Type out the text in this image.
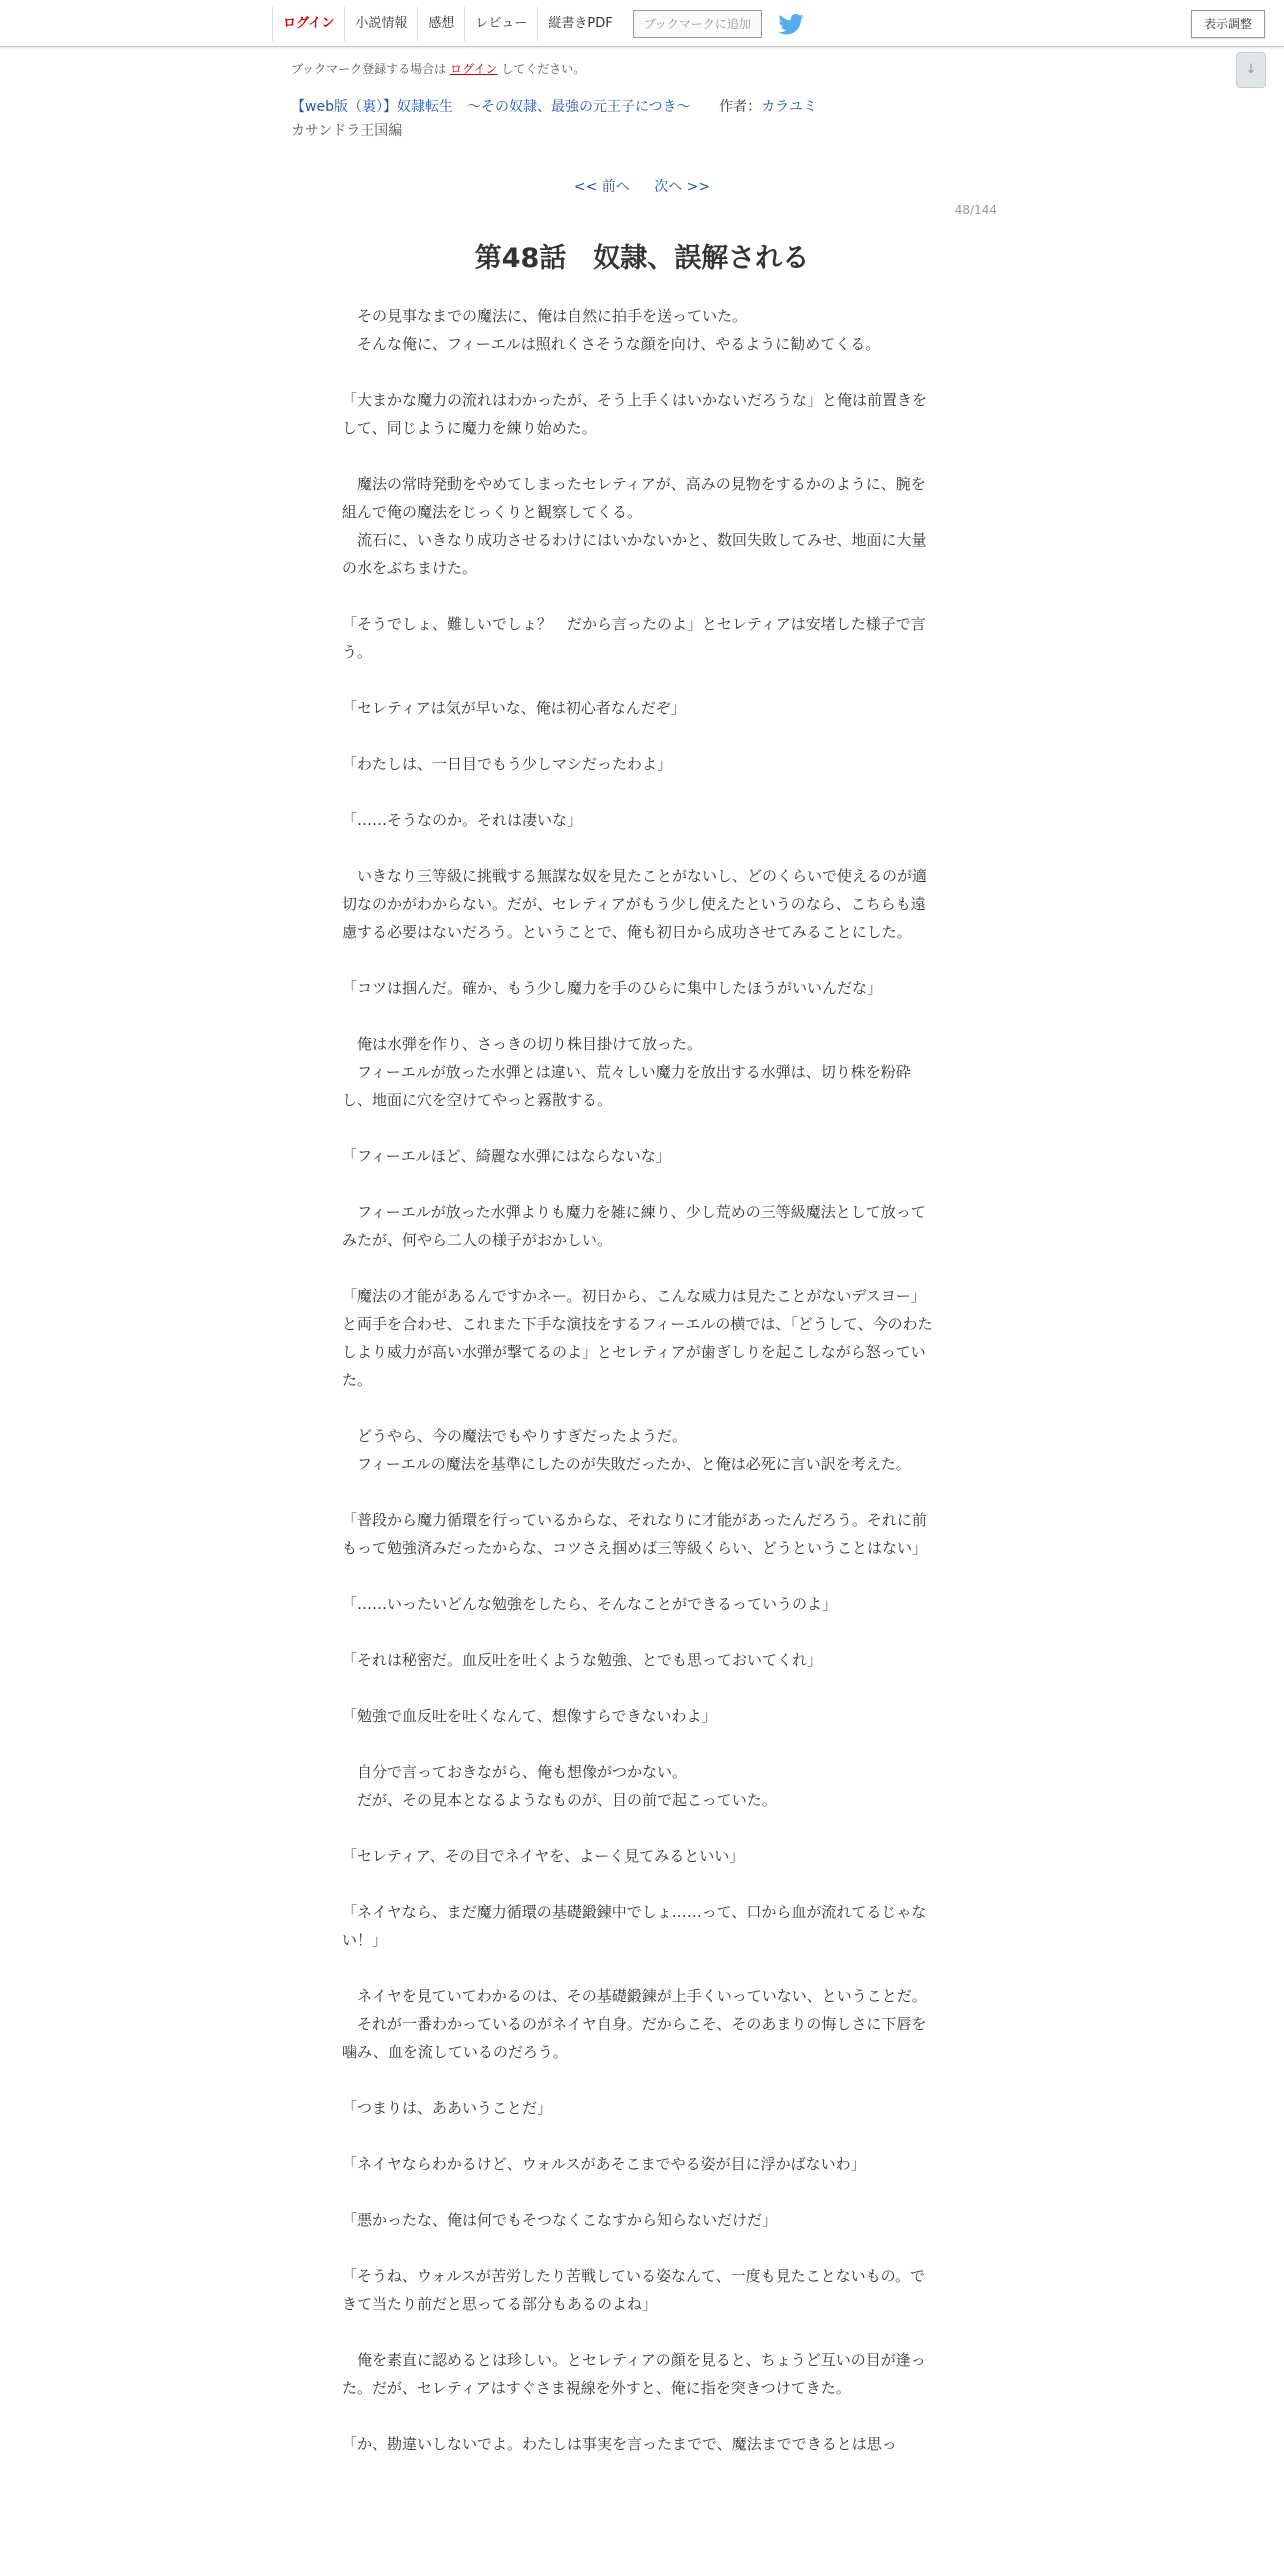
ログイン	小説情報	感想	レビュー	縦書きPDF	ブックマークに追加	表示調整
↓
ブックマーク登録する場合は ログイン してください。
【web版（裏）】奴隷転生　～その奴隷、最強の元王子につき～ 作者：カラユミ
カサンドラ王国編
<< 前へ 次へ >>
48/144
第48話　奴隷、誤解される

　その見事なまでの魔法に、俺は自然に拍手を送っていた。
　そんな俺に、フィーエルは照れくさそうな顔を向け、やるように勧めてくる。

「大まかな魔力の流れはわかったが、そう上手くはいかないだろうな」と俺は前置きをして、同じように魔力を練り始めた。

　魔法の常時発動をやめてしまったセレティアが、高みの見物をするかのように、腕を組んで俺の魔法をじっくりと観察してくる。
　流石に、いきなり成功させるわけにはいかないかと、数回失敗してみせ、地面に大量の水をぶちまけた。

「そうでしょ、難しいでしょ？　だから言ったのよ」とセレティアは安堵した様子で言う。

「セレティアは気が早いな、俺は初心者なんだぞ」

「わたしは、一日目でもう少しマシだったわよ」

「……そうなのか。それは凄いな」

　いきなり三等級に挑戦する無謀な奴を見たことがないし、どのくらいで使えるのが適切なのかがわからない。だが、セレティアがもう少し使えたというのなら、こちらも遠慮する必要はないだろう。ということで、俺も初日から成功させてみることにした。

「コツは掴んだ。確か、もう少し魔力を手のひらに集中したほうがいいんだな」

　俺は水弾を作り、さっきの切り株目掛けて放った。
　フィーエルが放った水弾とは違い、荒々しい魔力を放出する水弾は、切り株を粉砕し、地面に穴を空けてやっと霧散する。

「フィーエルほど、綺麗な水弾にはならないな」

　フィーエルが放った水弾よりも魔力を雑に練り、少し荒めの三等級魔法として放ってみたが、何やら二人の様子がおかしい。

「魔法の才能があるんですかネー。初日から、こんな威力は見たことがないデスヨー」と両手を合わせ、これまた下手な演技をするフィーエルの横では、「どうして、今のわたしより威力が高い水弾が撃てるのよ」とセレティアが歯ぎしりを起こしながら怒っていた。

　どうやら、今の魔法でもやりすぎだったようだ。
　フィーエルの魔法を基準にしたのが失敗だったか、と俺は必死に言い訳を考えた。

「普段から魔力循環を行っているからな、それなりに才能があったんだろう。それに前もって勉強済みだったからな、コツさえ掴めば三等級くらい、どうということはない」

「……いったいどんな勉強をしたら、そんなことができるっていうのよ」

「それは秘密だ。血反吐を吐くような勉強、とでも思っておいてくれ」

「勉強で血反吐を吐くなんて、想像すらできないわよ」

　自分で言っておきながら、俺も想像がつかない。
　だが、その見本となるようなものが、目の前で起こっていた。

「セレティア、その目でネイヤを、よーく見てみるといい」

「ネイヤなら、まだ魔力循環の基礎鍛錬中でしょ……って、口から血が流れてるじゃない！」

　ネイヤを見ていてわかるのは、その基礎鍛錬が上手くいっていない、ということだ。
　それが一番わかっているのがネイヤ自身。だからこそ、そのあまりの悔しさに下唇を噛み、血を流しているのだろう。

「つまりは、ああいうことだ」

「ネイヤならわかるけど、ウォルスがあそこまでやる姿が目に浮かばないわ」

「悪かったな、俺は何でもそつなくこなすから知らないだけだ」

「そうね、ウォルスが苦労したり苦戦している姿なんて、一度も見たことないもの。できて当たり前だと思ってる部分もあるのよね」

　俺を素直に認めるとは珍しい。とセレティアの顔を見ると、ちょうど互いの目が逢った。だが、セレティアはすぐさま視線を外すと、俺に指を突きつけてきた。

「か、勘違いしないでよ。わたしは事実を言ったまでで、魔法までできるとは思っ
